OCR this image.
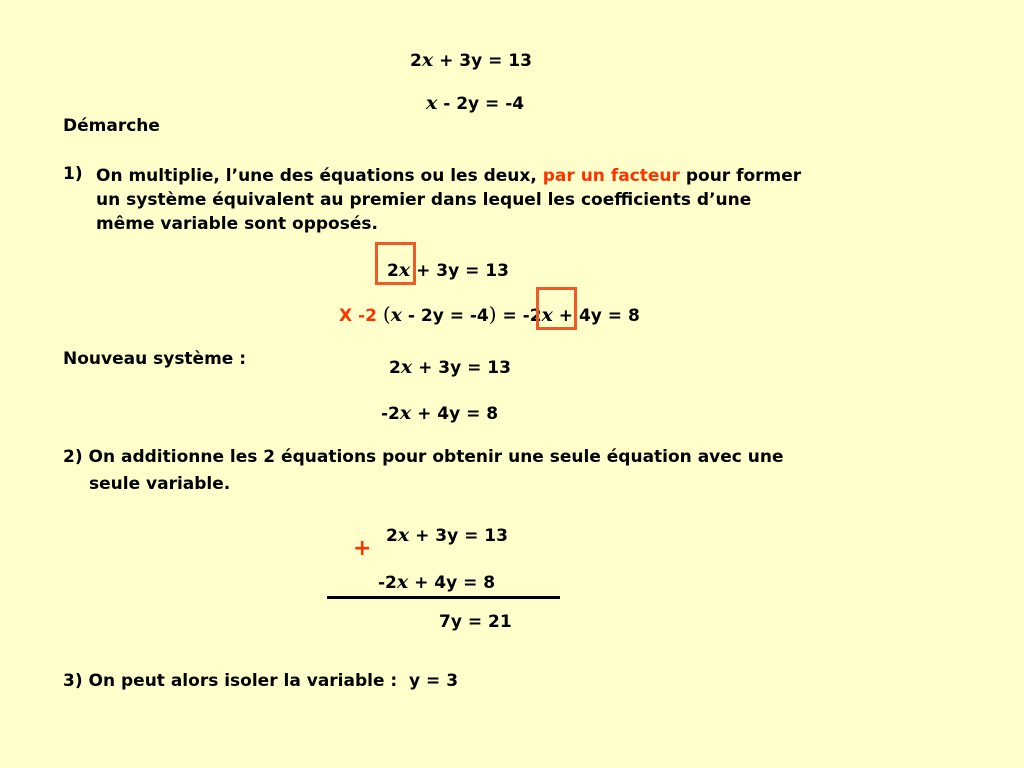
2x + 3y = 13
x - 2y = -4
Démarche
1) On multiplie, l’une des équations ou les deux, par un facteur pour former
un système équivalent au premier dans lequel les coefficients d’une
même variable sont opposés.
2x + 3y = 13
X -2 (x - 2y = -4) = -2x + 4y = 8
Nouveau système :	2x + 3y = 13
-2x + 4y = 8
2) On additionne les 2 équations pour obtenir une seule équation avec une
seule variable.
+ 2x + 3y = 13
-2x + 4y = 8
7y = 21
3) On peut alors isoler la variable :  y = 3
